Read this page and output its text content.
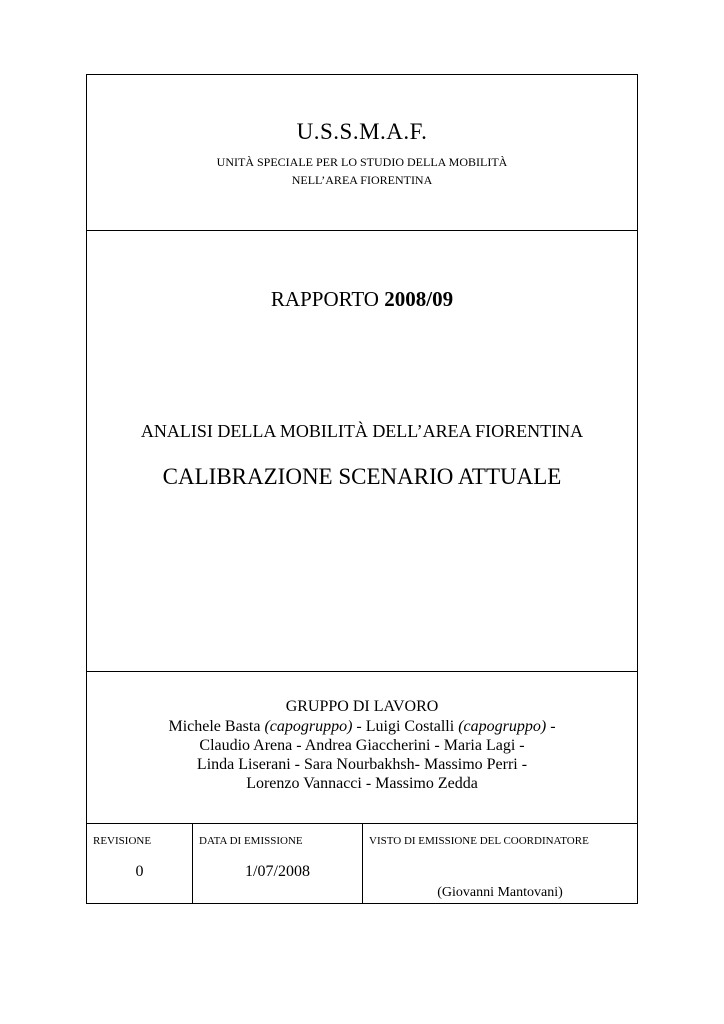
U.S.S.M.A.F.
UNITÀ SPECIALE PER LO STUDIO DELLA MOBILITÀ
NELL’AREA FIORENTINA
RAPPORTO 2008/09
ANALISI DELLA MOBILITÀ DELL’AREA FIORENTINA
CALIBRAZIONE SCENARIO ATTUALE
GRUPPO DI LAVORO
Michele Basta (capogruppo) - Luigi Costalli (capogruppo) -
Claudio Arena - Andrea Giaccherini - Maria Lagi -
Linda Liserani - Sara Nourbakhsh- Massimo Perri -
Lorenzo Vannacci - Massimo Zedda
REVISIONE
0
DATA DI EMISSIONE
1/07/2008
VISTO DI EMISSIONE DEL COORDINATORE
(Giovanni Mantovani)
